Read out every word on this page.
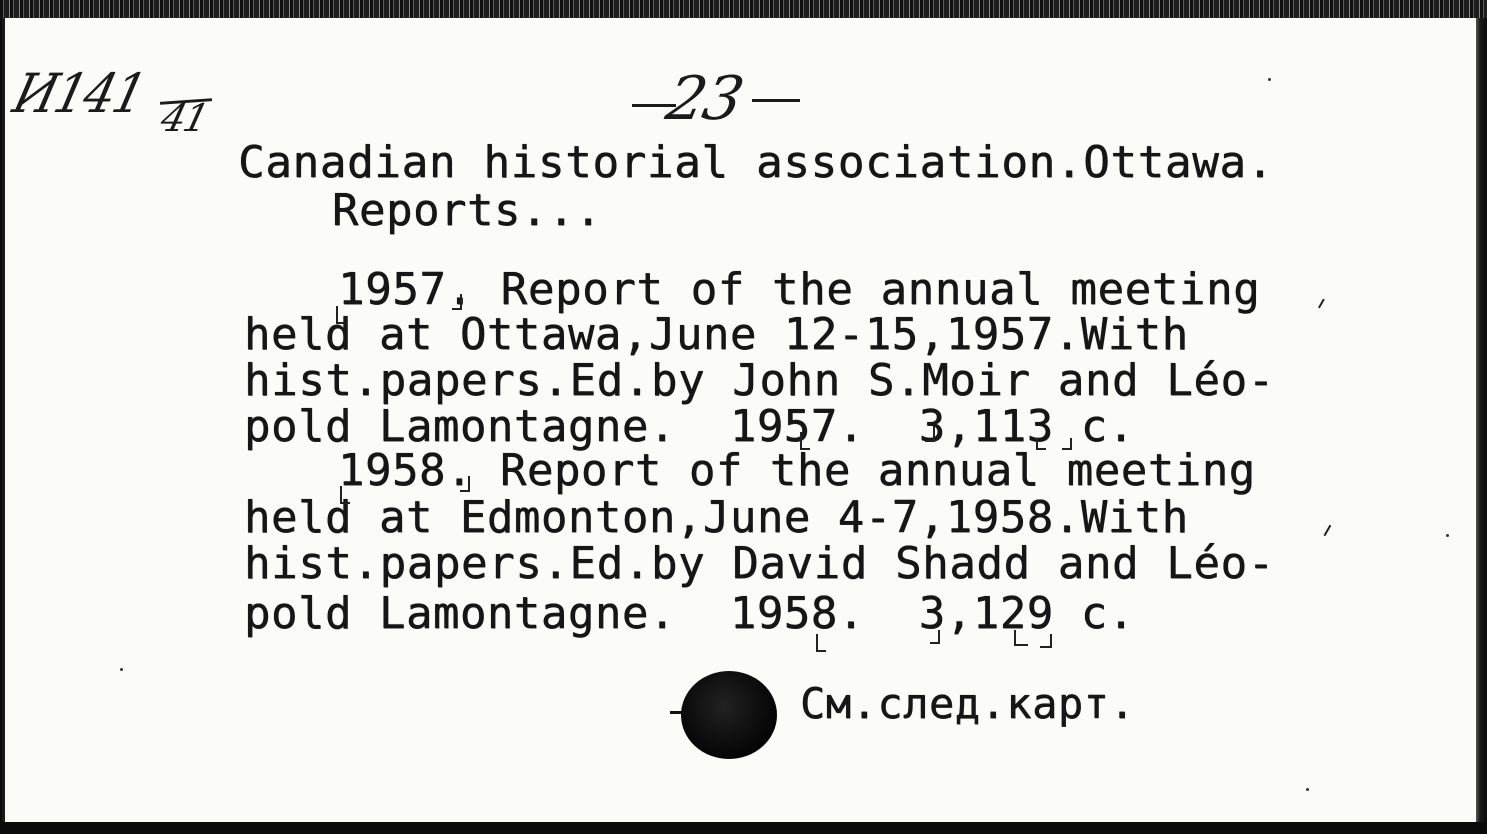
И141 41	23
Canadian historial association.Ottawa.
Reports...
1957. Report of the annual meeting
held at Ottawa,June 12-15,1957.With
hist.papers.Ed.by John S.Moir and Léo-
pold Lamontagne.  1957.  3,113 c.
1958. Report of the annual meeting
held at Edmonton,June 4-7,1958.With
hist.papers.Ed.by David Shadd and Léo-
pold Lamontagne.  1958.  3,129 c.
См.след.карт.
